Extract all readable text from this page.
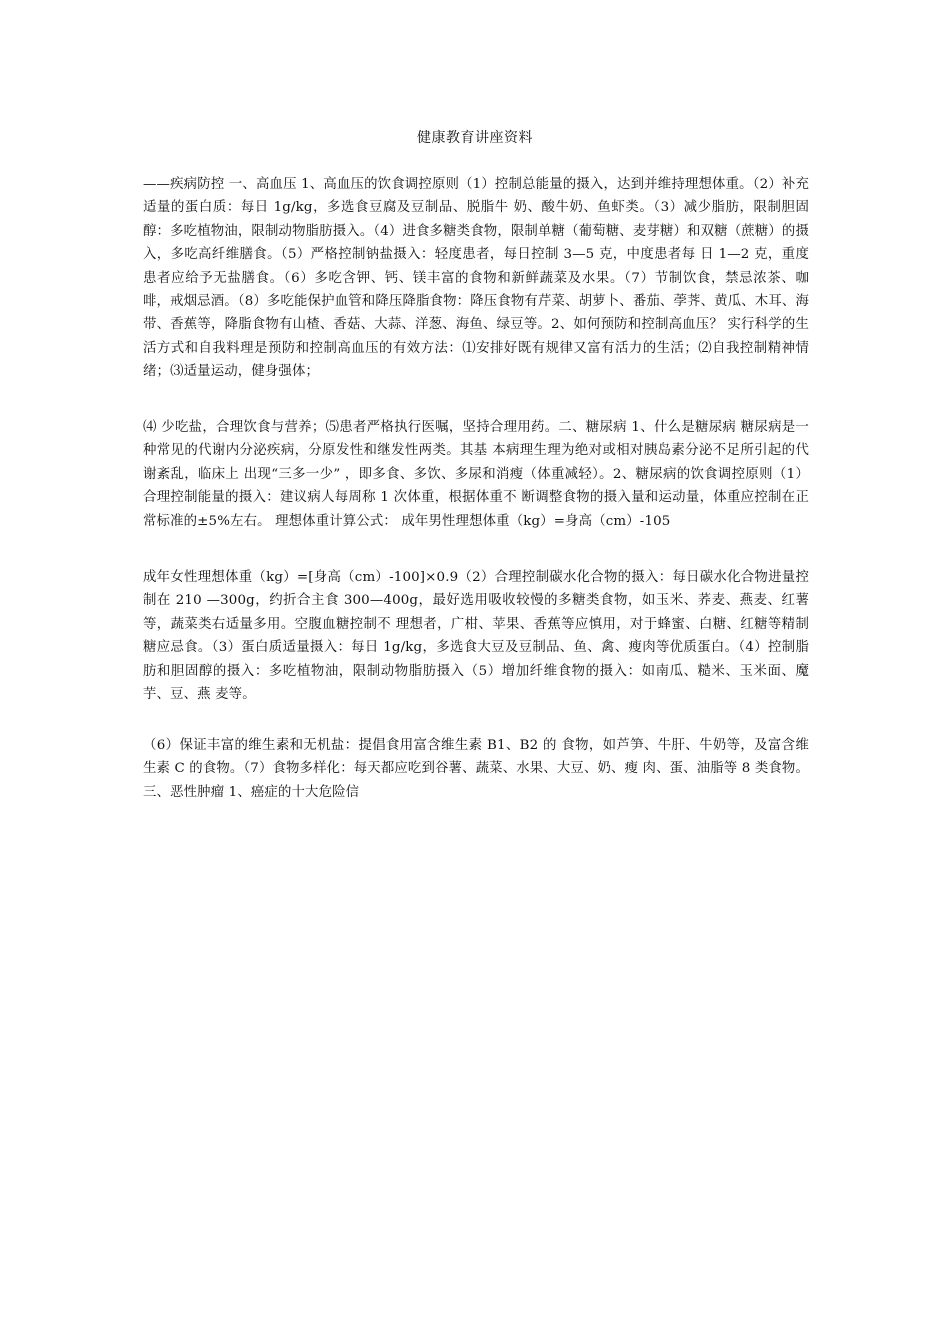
健康教育讲座资料

——疾病防控 一、高血压 1、高血压的饮食调控原则（1）控制总能量的摄入，达到并维持理想体重。（2）补充适量的蛋白质：每日 1g/kg，多选食豆腐及豆制品、脱脂牛 奶、酸牛奶、鱼虾类。（3）减少脂肪，限制胆固醇：多吃植物油，限制动物脂肪摄入。（4）进食多糖类食物，限制单糖（葡萄糖、麦芽糖）和双糖（蔗糖）的摄入，多吃高纤维膳食。（5）严格控制钠盐摄入：轻度患者，每日控制 3—5 克，中度患者每 日 1—2 克，重度患者应给予无盐膳食。（6）多吃含钾、钙、镁丰富的食物和新鲜蔬菜及水果。（7）节制饮食，禁忌浓茶、咖啡，戒烟忌酒。（8）多吃能保护血管和降压降脂食物：降压食物有芹菜、胡萝卜、番茄、荸荠、黄瓜、木耳、海带、香蕉等，降脂食物有山楂、香菇、大蒜、洋葱、海鱼、绿豆等。2、如何预防和控制高血压？ 实行科学的生活方式和自我料理是预防和控制高血压的有效方法：⑴安排好既有规律又富有活力的生活；⑵自我控制精神情绪；⑶适量运动，健身强体；

⑷ 少吃盐，合理饮食与营养；⑸患者严格执行医嘱，坚持合理用药。二、糖尿病 1、什么是糖尿病 糖尿病是一种常见的代谢内分泌疾病，分原发性和继发性两类。其基 本病理生理为绝对或相对胰岛素分泌不足所引起的代谢紊乱，临床上 出现“三多一少” ，即多食、多饮、多尿和消瘦（体重减轻）。2、糖尿病的饮食调控原则（1）合理控制能量的摄入：建议病人每周称 1 次体重，根据体重不 断调整食物的摄入量和运动量，体重应控制在正常标准的±5%左右。 理想体重计算公式： 成年男性理想体重（kg）=身高（cm）-105

成年女性理想体重（kg）=[身高（cm）-100]×0.9（2）合理控制碳水化合物的摄入：每日碳水化合物进量控制在 210 —300g，约折合主食 300—400g，最好选用吸收较慢的多糖类食物，如玉米、荞麦、燕麦、红薯等，蔬菜类右适量多用。空腹血糖控制不 理想者，广柑、苹果、香蕉等应慎用，对于蜂蜜、白糖、红糖等精制 糖应忌食。（3）蛋白质适量摄入：每日 1g/kg，多选食大豆及豆制品、鱼、禽、瘦肉等优质蛋白。（4）控制脂肪和胆固醇的摄入：多吃植物油，限制动物脂肪摄入（5）增加纤维食物的摄入：如南瓜、糙米、玉米面、魔芋、豆、燕 麦等。

（6）保证丰富的维生素和无机盐：提倡食用富含维生素 B1、B2 的 食物，如芦笋、牛肝、牛奶等，及富含维生素 C 的食物。（7）食物多样化：每天都应吃到谷薯、蔬菜、水果、大豆、奶、瘦 肉、蛋、油脂等 8 类食物。三、恶性肿瘤 1、癌症的十大危险信
